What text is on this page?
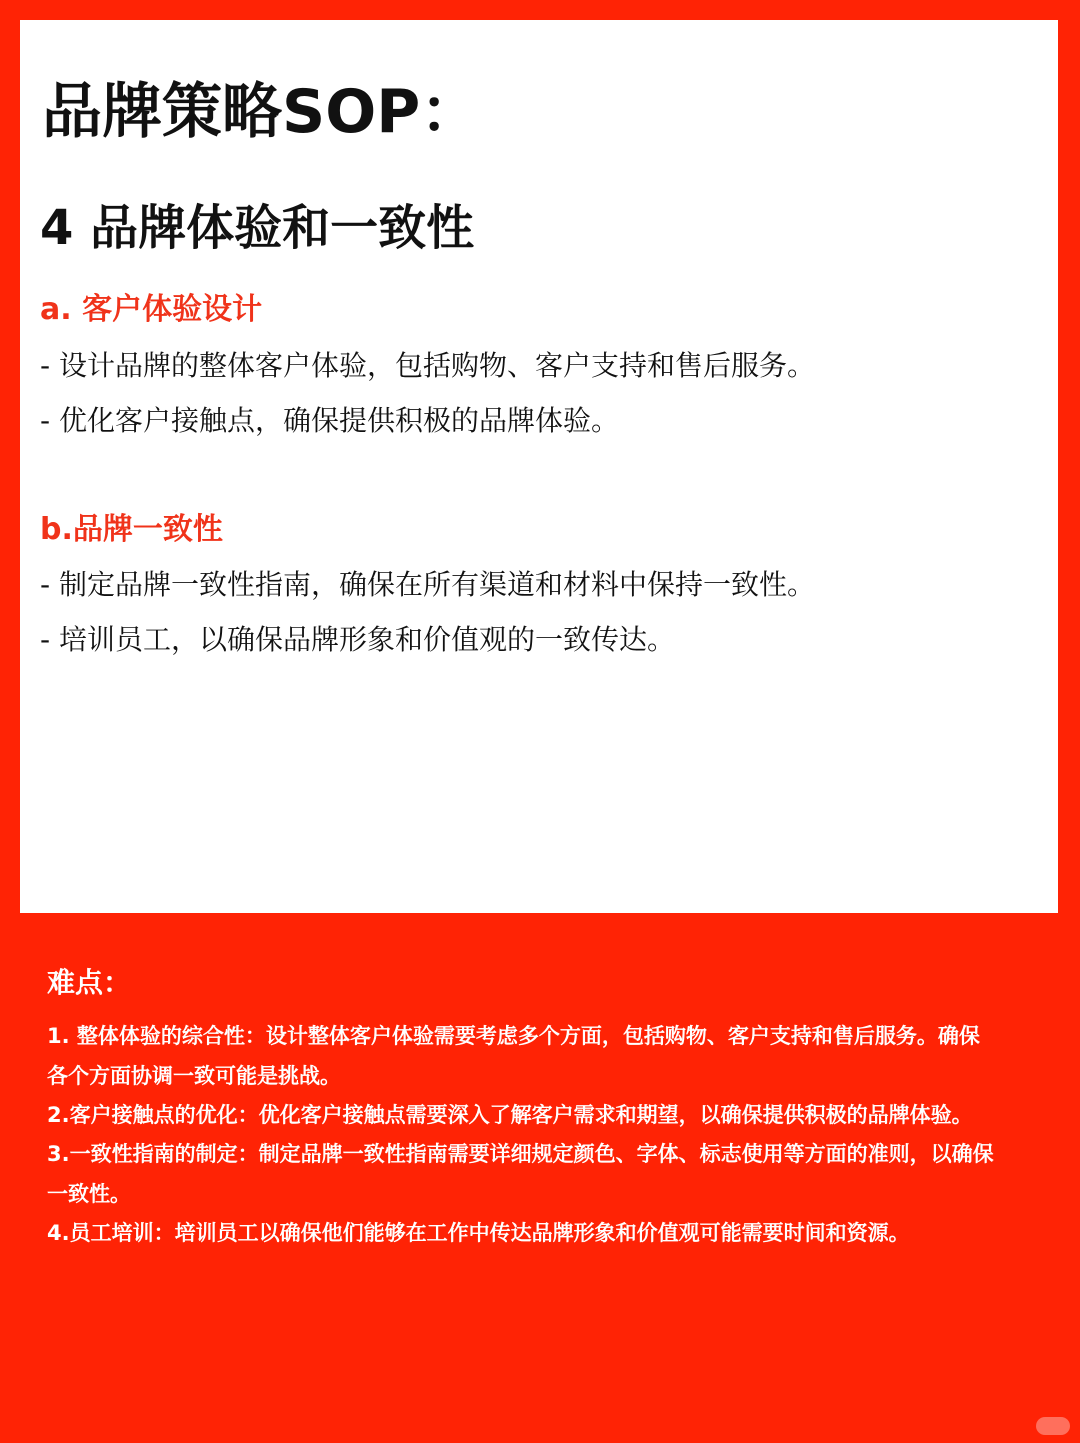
品牌策略SOP：
4 品牌体验和一致性
a. 客户体验设计

- 设计品牌的整体客户体验，包括购物、客户支持和售后服务。

- 优化客户接触点，确保提供积极的品牌体验。

b.品牌一致性

- 制定品牌一致性指南，确保在所有渠道和材料中保持一致性。

- 培训员工，以确保品牌形象和价值观的一致传达。

难点：

1. 整体体验的综合性：设计整体客户体验需要考虑多个方面，包括购物、客户支持和售后服务。确保

各个方面协调一致可能是挑战。

2.客户接触点的优化：优化客户接触点需要深入了解客户需求和期望，以确保提供积极的品牌体验。

3.一致性指南的制定：制定品牌一致性指南需要详细规定颜色、字体、标志使用等方面的准则，以确保

一致性。

4.员工培训：培训员工以确保他们能够在工作中传达品牌形象和价值观可能需要时间和资源。
